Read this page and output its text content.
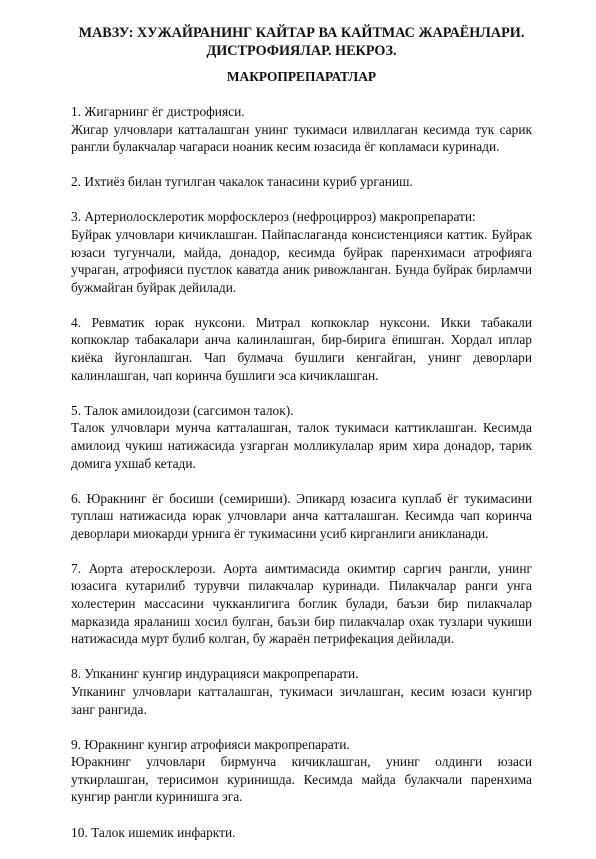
МАВЗУ: ХУЖАЙРАНИНГ КАЙТАР ВА КАЙТМАС ЖАРАЁНЛАРИ.
ДИСТРОФИЯЛАР. НЕКРОЗ.

МАКРОПРЕПАРАТЛАР

1. Жигарнинг ёг дистрофияси.

Жигар улчовлари катталашган унинг тукимаси илвиллаган кесимда тук сарик рангли булакчалар чагараси ноаник кесим юзасида ёг копламаси куринади.

2. Ихтиёз билан тугилган чакалок танасини куриб урганиш.

3. Артериолосклеротик морфосклероз (нефроцирроз) макропрепарати:

Буйрак улчовлари кичиклашган. Пайпаслаганда консистенцияси каттик. Буйрак юзаси тугунчали, майда, донадор, кесимда буйрак паренхимаси атрофияга учраган, атрофияси пустлок каватда аник ривожланган. Бунда буйрак бирламчи бужмайган буйрак дейилади.

4. Ревматик юрак нуксони. Митрал копкоклар нуксони. Икки табакали копкоклар табакалари анча калинлашган, бир-бирига ёпишган. Хордал иплар киёка йугонлашган. Чап булмача бушлиги кенгайган, унинг деворлари калинлашган, чап коринча бушлиги эса кичиклашган.

5. Талок амилоидози (сагсимон талок).

Талок улчовлари мунча катталашган, талок тукимаси каттиклашган. Кесимда амилоид чукиш натижасида узгарган молликулалар ярим хира донадор, тарик домига ухшаб кетади.

6. Юракнинг ёг босиши (семириши). Эпикард юзасига куплаб ёг тукимасини туплаш натижасида юрак улчовлари анча катталашган. Кесимда чап коринча деворлари миокарди урнига ёг тукимасини усиб кирганлиги аникланади.

7. Аорта атеросклерози. Аорта аимтимасида окимтир саргич рангли, унинг юзасига кутарилиб турувчи пилакчалар куринади. Пилакчалар ранги унга холестерин массасини чукканлигига боглик булади, баъзи бир пилакчалар марказида яраланиш хосил булган, баъзи бир пилакчалар охак тузлари чукиши натижасида мурт булиб колган, бу жараён петрифекация дейилади.

8. Упканинг кунгир индурацияси макропрепарати.

Упканинг улчовлари катталашган, тукимаси зичлашган, кесим юзаси кунгир занг рангида.

9. Юракнинг кунгир атрофияси макропрепарати.

Юракнинг улчовлари бирмунча кичиклашган, унинг олдинги юзаси уткирлашган, терисимон куринишда. Кесимда майда булакчали паренхима кунгир рангли куринишга эга.

10. Талок ишемик инфаркти.
